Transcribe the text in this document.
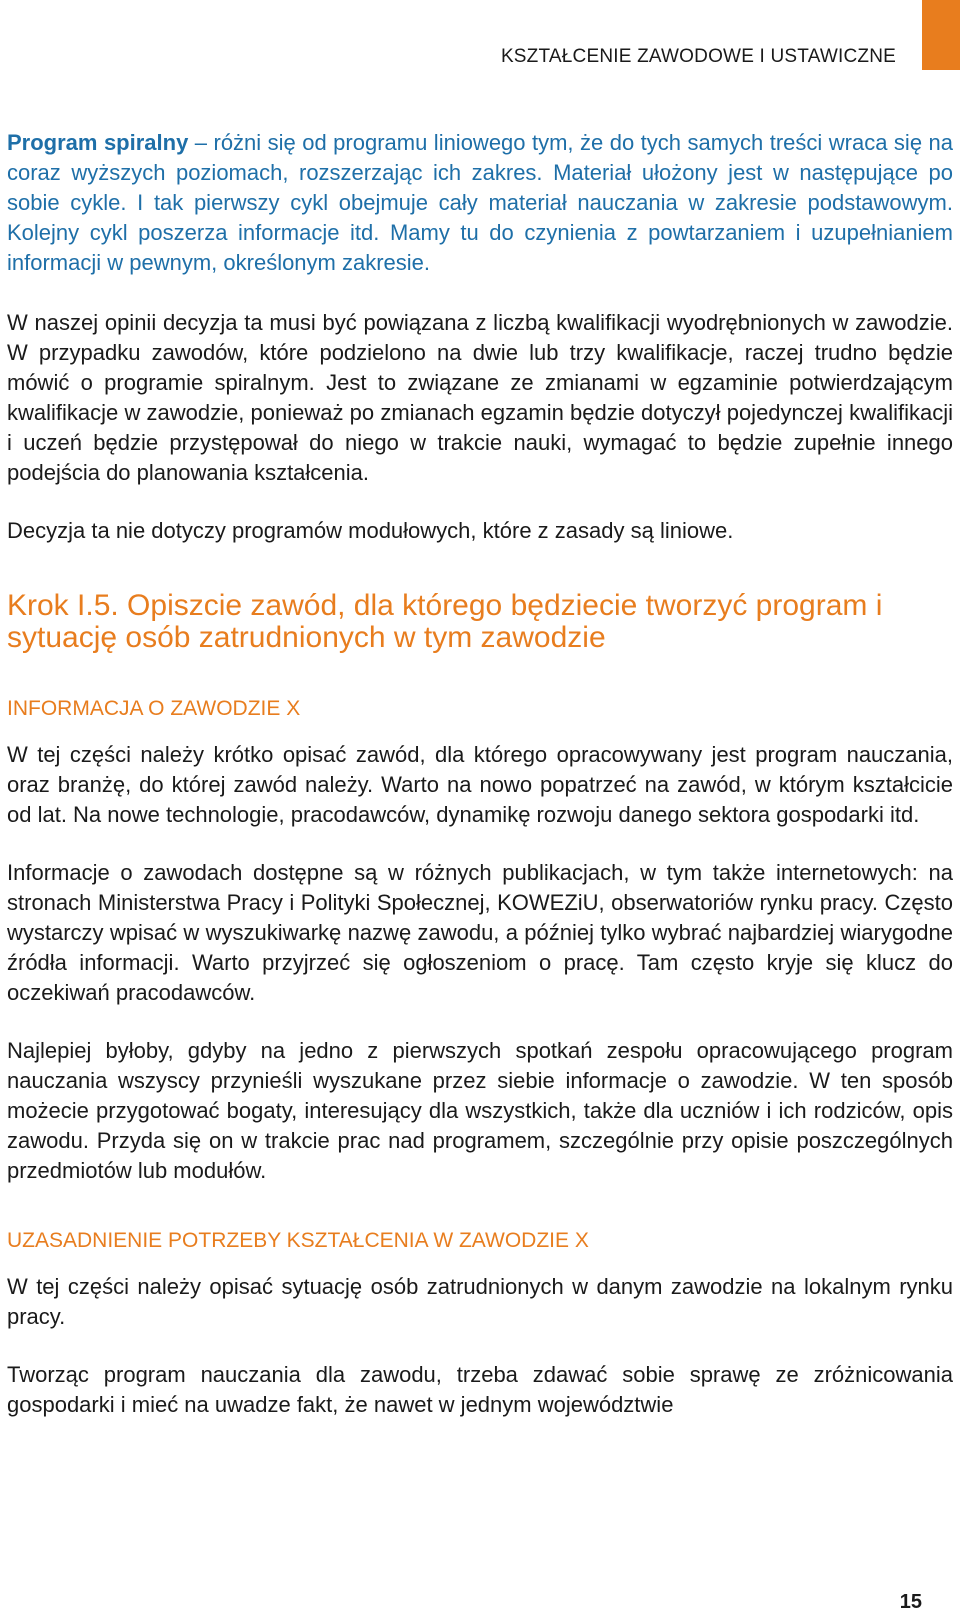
KSZTAŁCENIE ZAWODOWE I USTAWICZNE

Program spiralny – różni się od programu liniowego tym, że do tych samych treści wraca się na coraz wyższych poziomach, rozszerzając ich zakres. Materiał ułożony jest w następujące po sobie cykle. I tak pierwszy cykl obejmuje cały materiał nauczania w zakresie podstawowym. Kolejny cykl poszerza informacje itd. Mamy tu do czynienia z powtarzaniem i uzupełnianiem informacji w pewnym, określonym zakresie.

W naszej opinii decyzja ta musi być powiązana z liczbą kwalifikacji wyodrębnionych w zawodzie. W przypadku zawodów, które podzielono na dwie lub trzy kwalifikacje, raczej trudno będzie mówić o programie spiralnym. Jest to związane ze zmianami w egzaminie potwierdzającym kwalifikacje w zawodzie, ponieważ po zmianach egzamin będzie dotyczył pojedynczej kwalifikacji i uczeń będzie przystępował do niego w trakcie nauki, wymagać to będzie zupełnie innego podejścia do planowania kształcenia.

Decyzja ta nie dotyczy programów modułowych, które z zasady są liniowe.

Krok I.5. Opiszcie zawód, dla którego będziecie tworzyć program i sytuację osób zatrudnionych w tym zawodzie
INFORMACJA O ZAWODZIE X

W tej części należy krótko opisać zawód, dla którego opracowywany jest program nauczania, oraz branżę, do której zawód należy. Warto na nowo popatrzeć na zawód, w którym kształcicie od lat. Na nowe technologie, pracodawców, dynamikę rozwoju danego sektora gospodarki itd.

Informacje o zawodach dostępne są w różnych publikacjach, w tym także internetowych: na stronach Ministerstwa Pracy i Polityki Społecznej, KOWEZiU, obserwatoriów rynku pracy. Często wystarczy wpisać w wyszukiwarkę nazwę zawodu, a później tylko wybrać najbardziej wiarygodne źródła informacji. Warto przyjrzeć się ogłoszeniom o pracę. Tam często kryje się klucz do oczekiwań pracodawców.

Najlepiej byłoby, gdyby na jedno z pierwszych spotkań zespołu opracowującego program nauczania wszyscy przynieśli wyszukane przez siebie informacje o zawodzie. W ten sposób możecie przygotować bogaty, interesujący dla wszystkich, także dla uczniów i ich rodziców, opis zawodu. Przyda się on w trakcie prac nad programem, szczególnie przy opisie poszczególnych przedmiotów lub modułów.

UZASADNIENIE POTRZEBY KSZTAŁCENIA W ZAWODZIE X

W tej części należy opisać sytuację osób zatrudnionych w danym zawodzie na lokalnym rynku pracy.

Tworząc program nauczania dla zawodu, trzeba zdawać sobie sprawę ze zróżnicowania gospodarki i mieć na uwadze fakt, że nawet w jednym województwie

15
